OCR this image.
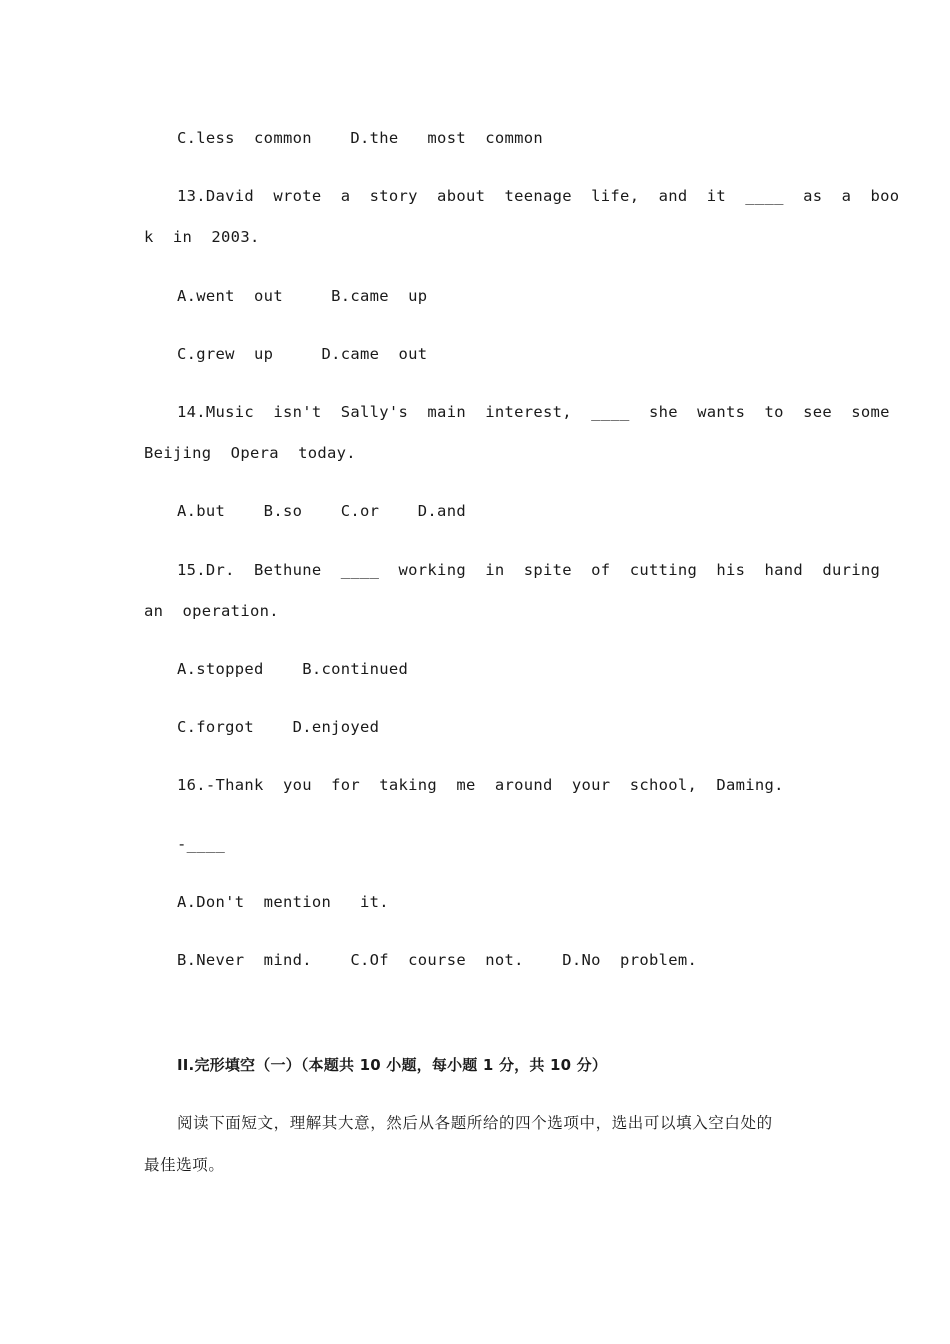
C.less  common    D.the   most  common
13.David  wrote  a  story  about  teenage  life,  and  it  ____  as  a  boo
k  in  2003.
A.went  out     B.came  up
C.grew  up     D.came  out
14.Music  isn't  Sally's  main  interest,  ____  she  wants  to  see  some
Beijing  Opera  today.
A.but    B.so    C.or    D.and
15.Dr.  Bethune  ____  working  in  spite  of  cutting  his  hand  during
an  operation.
A.stopped    B.continued
C.forgot    D.enjoyed
16.-Thank  you  for  taking  me  around  your  school,  Daming.
-____
A.Don't  mention   it.
B.Never  mind.    C.Of  course  not.    D.No  problem.
II.完形填空（一）（本题共 10 小题，每小题 1 分，共 10 分）
阅读下面短文，理解其大意，然后从各题所给的四个选项中，选出可以填入空白处的
最佳选项。
